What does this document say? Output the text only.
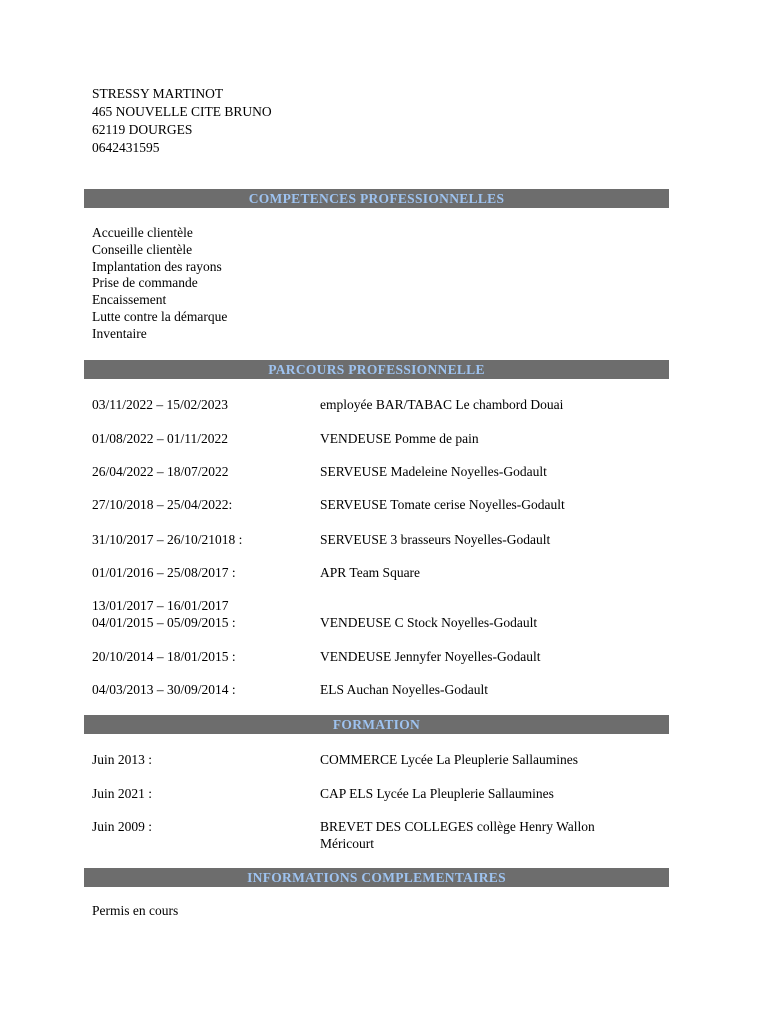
STRESSY MARTINOT
465 NOUVELLE CITE BRUNO
62119 DOURGES
0642431595
COMPETENCES PROFESSIONNELLES
Accueille clientèle
Conseille clientèle
Implantation des rayons
Prise de commande
Encaissement
Lutte contre la démarque
Inventaire
PARCOURS PROFESSIONNELLE
03/11/2022 – 15/02/2023	employée BAR/TABAC Le chambord Douai
01/08/2022 – 01/11/2022	VENDEUSE Pomme de pain
26/04/2022 – 18/07/2022	SERVEUSE Madeleine Noyelles-Godault
27/10/2018 – 25/04/2022:	SERVEUSE Tomate cerise Noyelles-Godault
31/10/2017 – 26/10/21018 :	SERVEUSE 3 brasseurs Noyelles-Godault
01/01/2016 – 25/08/2017 :	APR Team Square
13/01/2017 – 16/01/2017
04/01/2015 – 05/09/2015 :	VENDEUSE C Stock Noyelles-Godault
20/10/2014 – 18/01/2015 :	VENDEUSE Jennyfer Noyelles-Godault
04/03/2013 – 30/09/2014 :	ELS Auchan Noyelles-Godault
FORMATION
Juin 2013 :	COMMERCE Lycée La Pleuplerie Sallaumines
Juin 2021 :	CAP ELS Lycée La Pleuplerie Sallaumines
Juin 2009 :	BREVET DES COLLEGES collège Henry Wallon
Méricourt
INFORMATIONS COMPLEMENTAIRES
Permis en cours
